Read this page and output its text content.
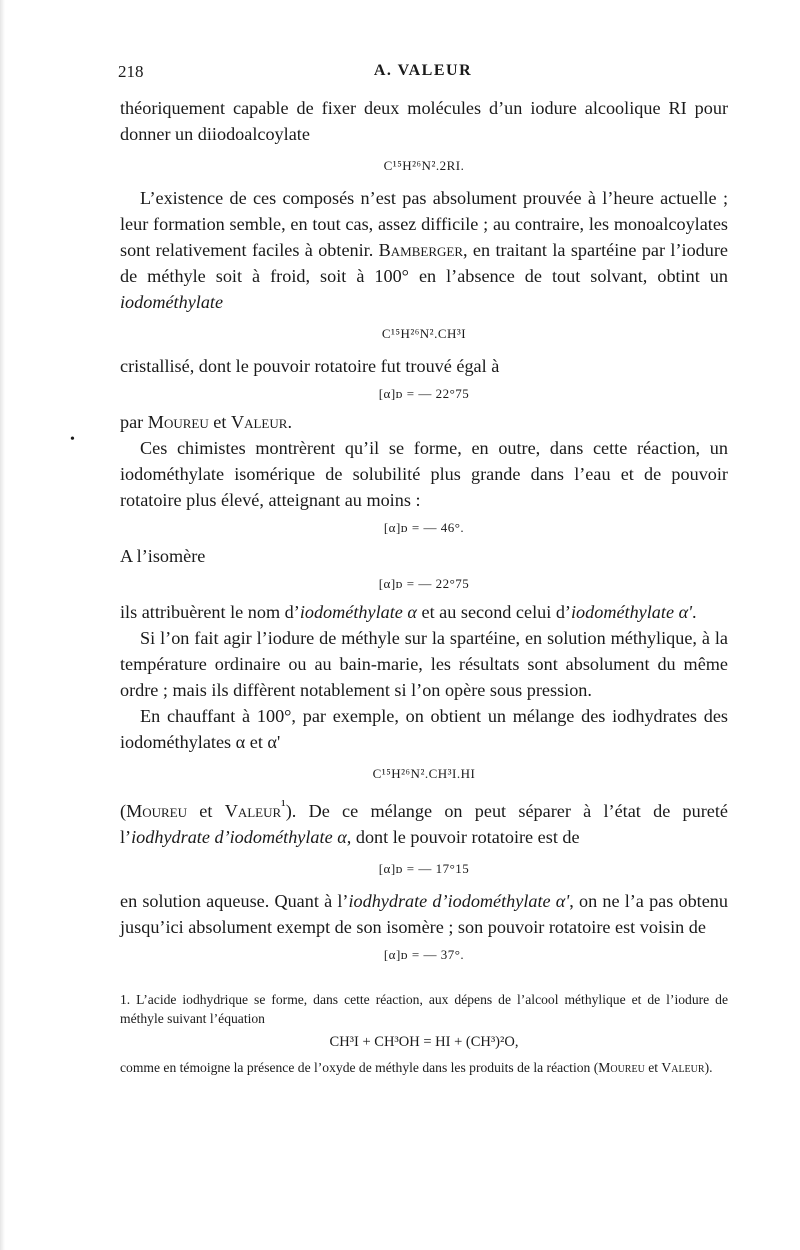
218	A. VALEUR
•

théoriquement capable de fixer deux molécules d’un iodure alcoolique RI pour donner un diiodoalcoylate

C¹⁵H²⁶N².2RI.

L’existence de ces composés n’est pas absolument prouvée à l’heure actuelle ; leur formation semble, en tout cas, assez difficile ; au contraire, les monoalcoylates sont relativement faciles à obtenir. Bamberger, en traitant la spartéine par l’iodure de méthyle soit à froid, soit à 100° en l’absence de tout solvant, obtint un iodométhylate

C¹⁵H²⁶N².CH³I

cristallisé, dont le pouvoir rotatoire fut trouvé égal à

[α]ᴅ = — 22°75

par Moureu et Valeur.

Ces chimistes montrèrent qu’il se forme, en outre, dans cette réaction, un iodométhylate isomérique de solubilité plus grande dans l’eau et de pouvoir rotatoire plus élevé, atteignant au moins :

[α]ᴅ = — 46°.

A l’isomère

[α]ᴅ = — 22°75

ils attribuèrent le nom d’iodométhylate α et au second celui d’iodométhylate α'.

Si l’on fait agir l’iodure de méthyle sur la spartéine, en solution méthylique, à la température ordinaire ou au bain-marie, les résultats sont absolument du même ordre ; mais ils diffèrent notablement si l’on opère sous pression.

En chauffant à 100°, par exemple, on obtient un mélange des iodhydrates des iodométhylates α et α'

C¹⁵H²⁶N².CH³I.HI

(Moureu et Valeur$^{^1}$). De ce mélange on peut séparer à l’état de pureté l’iodhydrate d’iodométhylate α, dont le pouvoir rotatoire est de

[α]ᴅ = — 17°15

en solution aqueuse. Quant à l’iodhydrate d’iodométhylate α', on ne l’a pas obtenu jusqu’ici absolument exempt de son isomère ; son pouvoir rotatoire est voisin de

[α]ᴅ = — 37°.

1. L’acide iodhydrique se forme, dans cette réaction, aux dépens de l’alcool méthylique et de l’iodure de méthyle suivant l’équation

CH³I + CH³OH = HI + (CH³)²O,

comme en témoigne la présence de l’oxyde de méthyle dans les produits de la réaction (Moureu et Valeur).
